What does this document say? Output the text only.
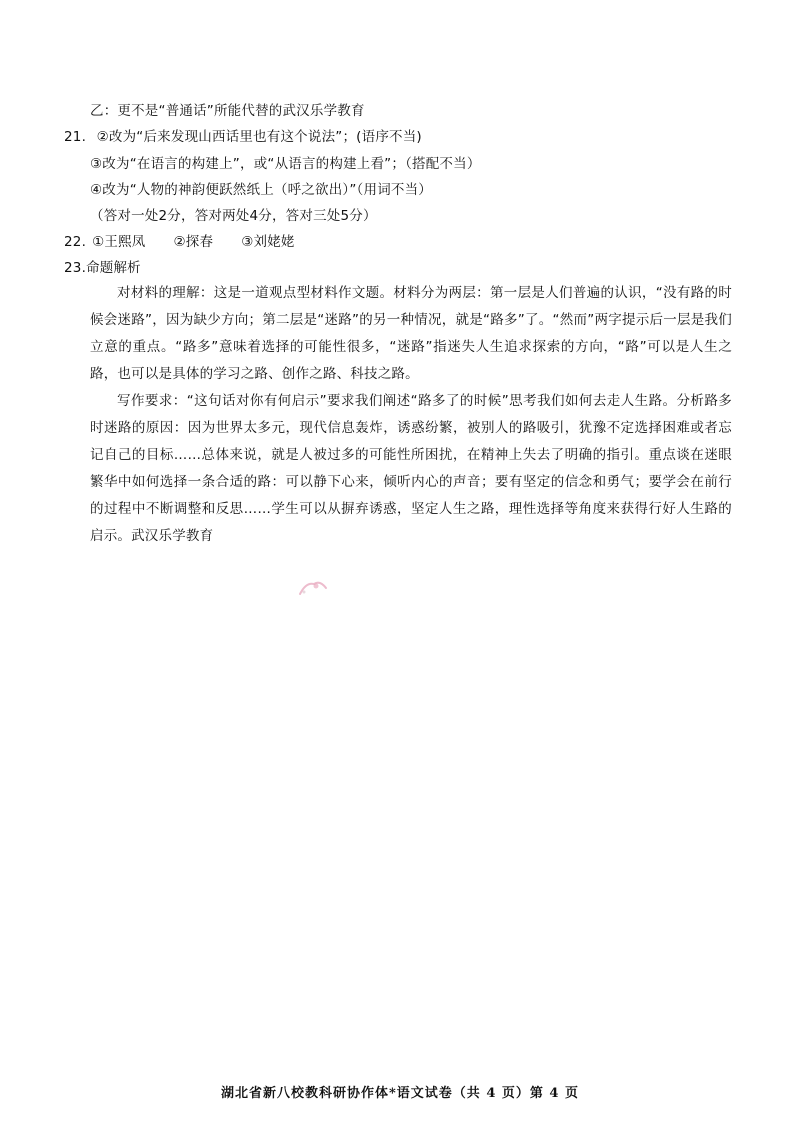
乙：更不是“普通话”所能代替的武汉乐学教育
21. ②改为“后来发现山西话里也有这个说法”；(语序不当)
③改为“在语言的构建上”，或“从语言的构建上看”；（搭配不当）
④改为“人物的神韵便跃然纸上（呼之欲出）”（用词不当）
（答对一处2分，答对两处4分，答对三处5分）
22. ①王熙凤 ②探春 ③刘姥姥
23.命题解析
对材料的理解：这是一道观点型材料作文题。材料分为两层：第一层是人们普遍的认识，“没有路的时候会迷路”，因为缺少方向；第二层是“迷路”的另一种情况，就是“路多”了。“然而”两字提示后一层是我们立意的重点。“路多”意味着选择的可能性很多，“迷路”指迷失人生追求探索的方向，“路”可以是人生之路，也可以是具体的学习之路、创作之路、科技之路。
写作要求：“这句话对你有何启示”要求我们阐述“路多了的时候”思考我们如何去走人生路。分析路多时迷路的原因：因为世界太多元，现代信息轰炸，诱惑纷繁，被别人的路吸引，犹豫不定选择困难或者忘记自己的目标……总体来说，就是人被过多的可能性所困扰，在精神上失去了明确的指引。重点谈在迷眼繁华中如何选择一条合适的路：可以静下心来，倾听内心的声音；要有坚定的信念和勇气；要学会在前行的过程中不断调整和反思……学生可以从摒弃诱惑，坚定人生之路，理性选择等角度来获得行好人生路的启示。武汉乐学教育
湖北省新八校教科研协作体*语文试卷（共 4 页）第 4 页
